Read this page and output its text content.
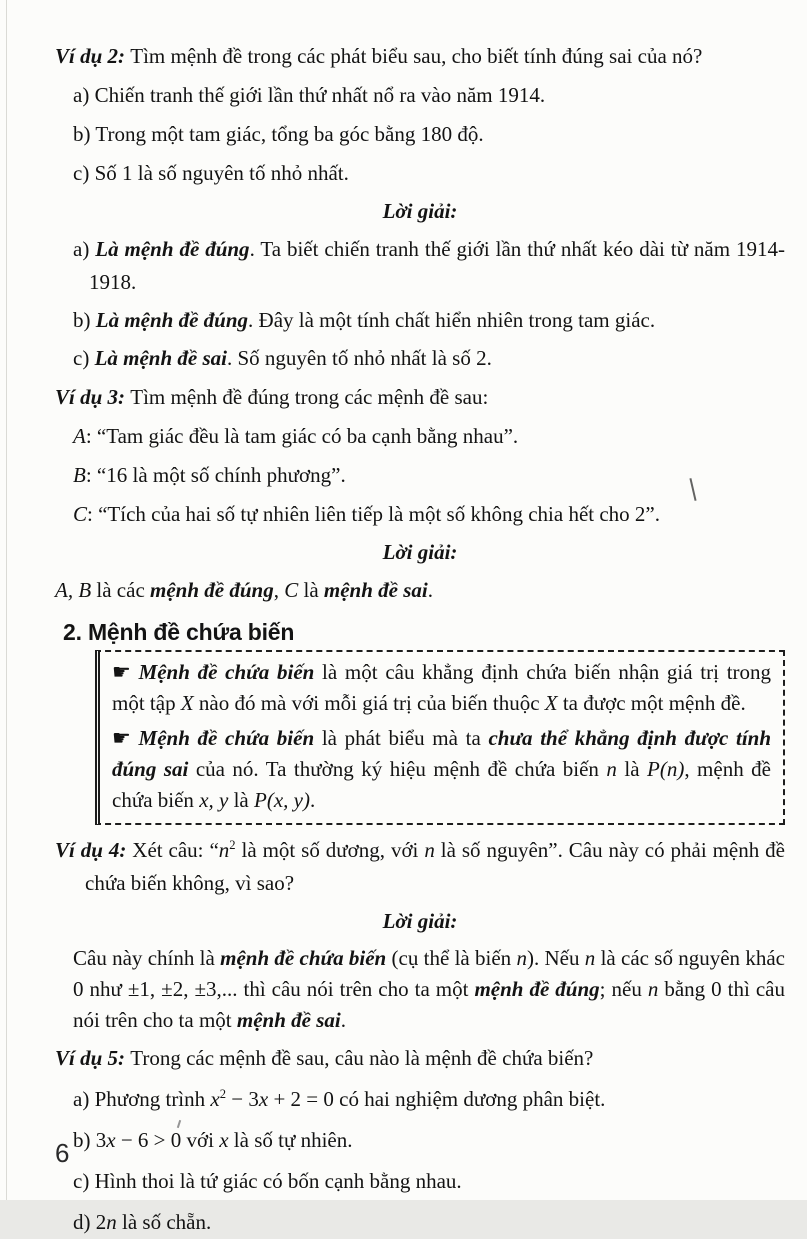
Ví dụ 2: Tìm mệnh đề trong các phát biểu sau, cho biết tính đúng sai của nó?
a) Chiến tranh thế giới lần thứ nhất nổ ra vào năm 1914.
b) Trong một tam giác, tổng ba góc bằng 180 độ.
c) Số 1 là số nguyên tố nhỏ nhất.
Lời giải:
a) Là mệnh đề đúng. Ta biết chiến tranh thế giới lần thứ nhất kéo dài từ năm 1914-1918.
b) Là mệnh đề đúng. Đây là một tính chất hiển nhiên trong tam giác.
c) Là mệnh đề sai. Số nguyên tố nhỏ nhất là số 2.
Ví dụ 3: Tìm mệnh đề đúng trong các mệnh đề sau:
A: “Tam giác đều là tam giác có ba cạnh bằng nhau”.
B: “16 là một số chính phương”.
C: “Tích của hai số tự nhiên liên tiếp là một số không chia hết cho 2”.
Lời giải:
A, B là các mệnh đề đúng, C là mệnh đề sai.
2. Mệnh đề chứa biến

☛ Mệnh đề chứa biến là một câu khẳng định chứa biến nhận giá trị trong một tập X nào đó mà với mỗi giá trị của biến thuộc X ta được một mệnh đề.

☛ Mệnh đề chứa biến là phát biểu mà ta chưa thể khẳng định được tính đúng sai của nó. Ta thường ký hiệu mệnh đề chứa biến n là P(n), mệnh đề chứa biến x, y là P(x, y).

Ví dụ 4: Xét câu: “$n^2$ là một số dương, với n là số nguyên”. Câu này có phải mệnh đề chứa biến không, vì sao?
Lời giải:
Câu này chính là mệnh đề chứa biến (cụ thể là biến n). Nếu n là các số nguyên khác 0 như ±1, ±2, ±3,... thì câu nói trên cho ta một mệnh đề đúng; nếu n bằng 0 thì câu nói trên cho ta một mệnh đề sai.
Ví dụ 5: Trong các mệnh đề sau, câu nào là mệnh đề chứa biến?
a) Phương trình $x^2 - 3x + 2 = 0$ có hai nghiệm dương phân biệt.
b) 3x − 6 > 0 với x là số tự nhiên.
c) Hình thoi là tứ giác có bốn cạnh bằng nhau.
d) 2n là số chẵn.
6
